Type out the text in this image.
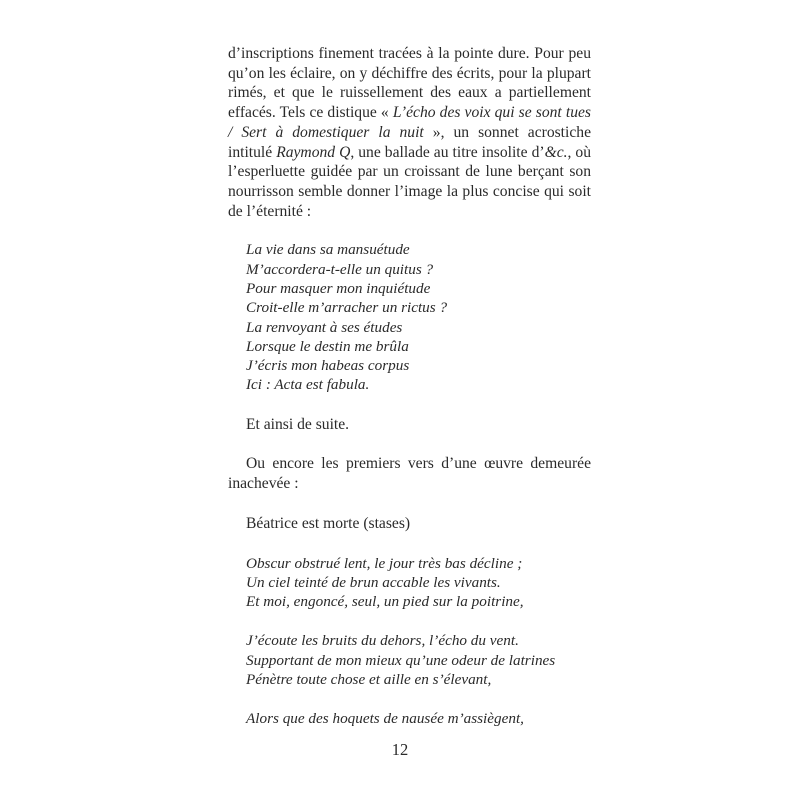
d’inscriptions finement tracées à la pointe dure. Pour peu qu’on les éclaire, on y déchiffre des écrits, pour la plupart rimés, et que le ruissellement des eaux a partiellement effacés. Tels ce distique « L’écho des voix qui se sont tues / Sert à domestiquer la nuit », un sonnet acrostiche intitulé Raymond Q, une ballade au titre insolite d’&c., où l’esperluette guidée par un croissant de lune berçant son nourrisson semble donner l’image la plus concise qui soit de l’éternité :

La vie dans sa mansuétude
M’accordera-t-elle un quitus ?
Pour masquer mon inquiétude
Croit-elle m’arracher un rictus ?
La renvoyant à ses études
Lorsque le destin me brûla
J’écris mon habeas corpus
Ici : Acta est fabula.

Et ainsi de suite.

Ou encore les premiers vers d’une œuvre demeurée inachevée :

Béatrice est morte (stases)

Obscur obstrué lent, le jour très bas décline ;
Un ciel teinté de brun accable les vivants.
Et moi, engoncé, seul, un pied sur la poitrine,
J’écoute les bruits du dehors, l’écho du vent.
Supportant de mon mieux qu’une odeur de latrines
Pénètre toute chose et aille en s’élevant,
Alors que des hoquets de nausée m’assiègent,
12
